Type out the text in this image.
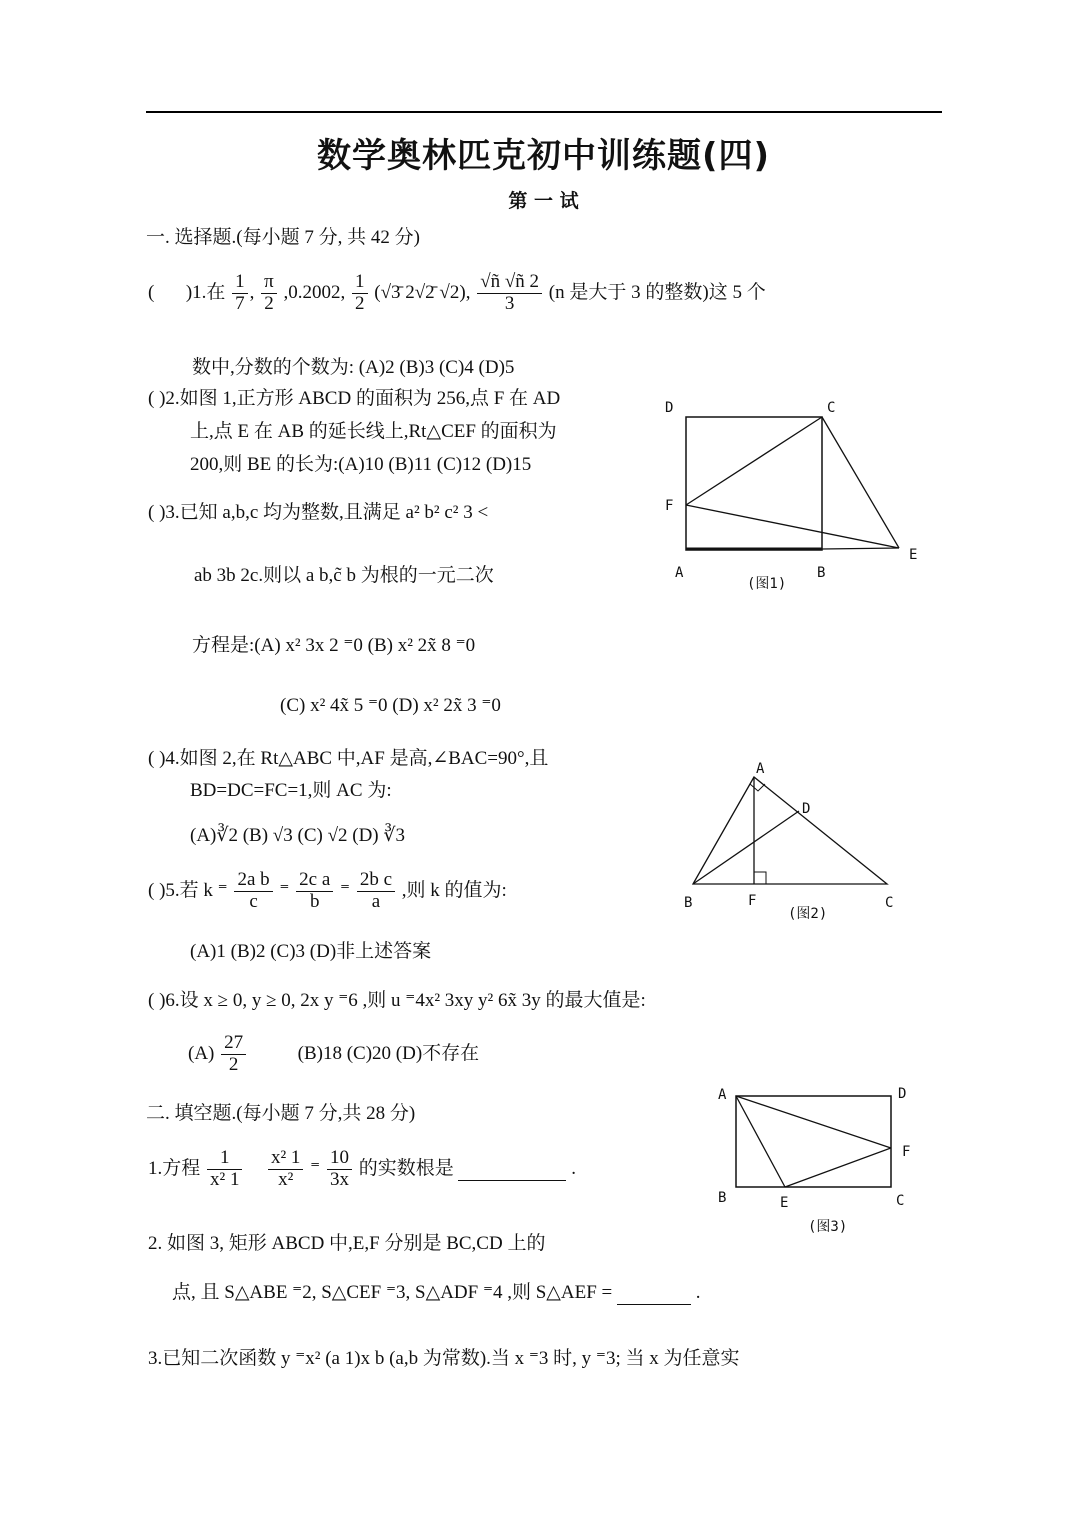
数学奥林匹克初中训练题(四)
第 一 试
一. 选择题.(每小题 7 分, 共 42 分)
( )1.在 $\frac{1}{7}$ , $\frac{\pi}{2} ,0.2002$, $\frac{1}{2}$ (√3̄ 2√2̄ √2), $\frac{√ñ √ñ 2}{3} (n$ 是大于 3 的整数)这 5 个
数中,分数的个数为: (A)2 (B)3 (C)4 (D)5
( )2.如图 1,正方形 ABCD 的面积为 256,点 F 在 AD
上,点 E 在 AB 的延长线上,Rt△CEF 的面积为
200,则 BE 的长为:(A)10 (B)11 (C)12 (D)15
( )3.已知 a,b,c 均为整数,且满足 a² b² c² 3 <
ab 3b 2c.则以 a b,c̃ b 为根的一元二次
方程是:(A) x² 3x 2 ⁼0 (B) x² 2x̃ 8 ⁼0
(C) x² 4x̃ 5 ⁼0 (D) x² 2x̃ 3 ⁼0
( )4.如图 2,在 Rt△ABC 中,AF 是高,∠BAC=90°,且
BD=DC=FC=1,则 AC 为:
(A)∛2 (B) √3 (C) √2 (D) ∛3
( )5.若 k ⁼ $\frac{\text{2a b}}{c}$ ⁼ $\frac{\text{2c a}}{b}$ ⁼ $\frac{\text{2b c}}{a}$ ,则 k 的值为:
(A)1 (B)2 (C)3 (D)非上述答案
( )6.设 x ≥ 0, y ≥ 0, 2x y ⁼6 ,则 u ⁼4x² 3xy y² 6x̃ 3y 的最大值是:
$(A) \frac{27}{2}$	(B)18 (C)20 (D)不存在
二. 填空题.(每小题 7 分,共 28 分)
1.方程 $\frac{1}{\text{x² 1}}$
$\frac{\text{x² 1}}{\text{x²}}$ ⁼ $\frac{10}{3x}$ 的实数根是	.
2. 如图 3, 矩形 ABCD 中,E,F 分别是 BC,CD 上的
点, 且 S△ABE ⁼2, S△CEF ⁼3, S△ADF ⁼4 ,则 S△AEF =	.
3.已知二次函数 y ⁼x² (a 1)x b (a,b 为常数).当 x ⁼3 时, y ⁼3; 当 x 为任意实
D	C
F
E
A	B
(图1)
A
D
B	F	C
(图2)
A	D
F
B	E	C
(图3)
